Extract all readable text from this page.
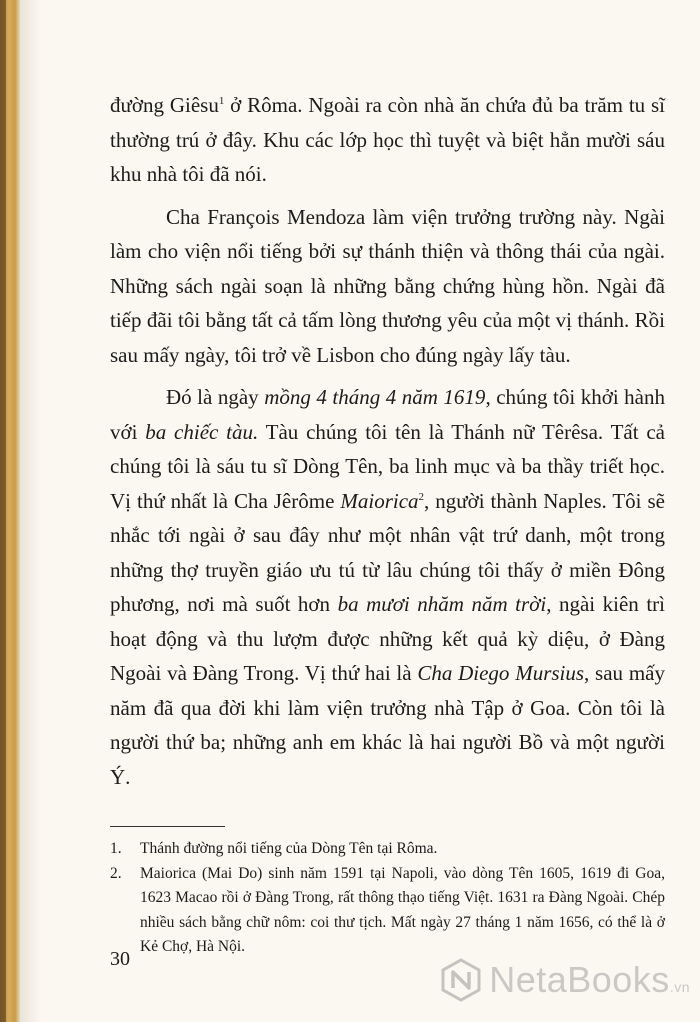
đường Giêsu$^1$ ở Rôma. Ngoài ra còn nhà ăn chứa đủ ba trăm tu sĩ thường trú ở đây. Khu các lớp học thì tuyệt và biệt hẳn mười sáu khu nhà tôi đã nói.

Cha François Mendoza làm viện trưởng trường này. Ngài làm cho viện nổi tiếng bởi sự thánh thiện và thông thái của ngài. Những sách ngài soạn là những bằng chứng hùng hồn. Ngài đã tiếp đãi tôi bằng tất cả tấm lòng thương yêu của một vị thánh. Rồi sau mấy ngày, tôi trở về Lisbon cho đúng ngày lấy tàu.

Đó là ngày mồng 4 tháng 4 năm 1619, chúng tôi khởi hành với ba chiếc tàu. Tàu chúng tôi tên là Thánh nữ Têrêsa. Tất cả chúng tôi là sáu tu sĩ Dòng Tên, ba linh mục và ba thầy triết học. Vị thứ nhất là Cha Jêrôme Maiorica$^2$, người thành Naples. Tôi sẽ nhắc tới ngài ở sau đây như một nhân vật trứ danh, một trong những thợ truyền giáo ưu tú từ lâu chúng tôi thấy ở miền Đông phương, nơi mà suốt hơn ba mươi nhăm năm trời, ngài kiên trì hoạt động và thu lượm được những kết quả kỳ diệu, ở Đàng Ngoài và Đàng Trong. Vị thứ hai là Cha Diego Mursius, sau mấy năm đã qua đời khi làm viện trưởng nhà Tập ở Goa. Còn tôi là người thứ ba; những anh em khác là hai người Bồ và một người Ý.

1. Thánh đường nổi tiếng của Dòng Tên tại Rôma.
2. Maiorica (Mai Do) sinh năm 1591 tại Napoli, vào dòng Tên 1605, 1619 đi Goa, 1623 Macao rồi ở Đàng Trong, rất thông thạo tiếng Việt. 1631 ra Đàng Ngoài. Chép nhiều sách bằng chữ nôm: coi thư tịch. Mất ngày 27 tháng 1 năm 1656, có thể là ở Kẻ Chợ, Hà Nội.
30	NetaBooks.vn
